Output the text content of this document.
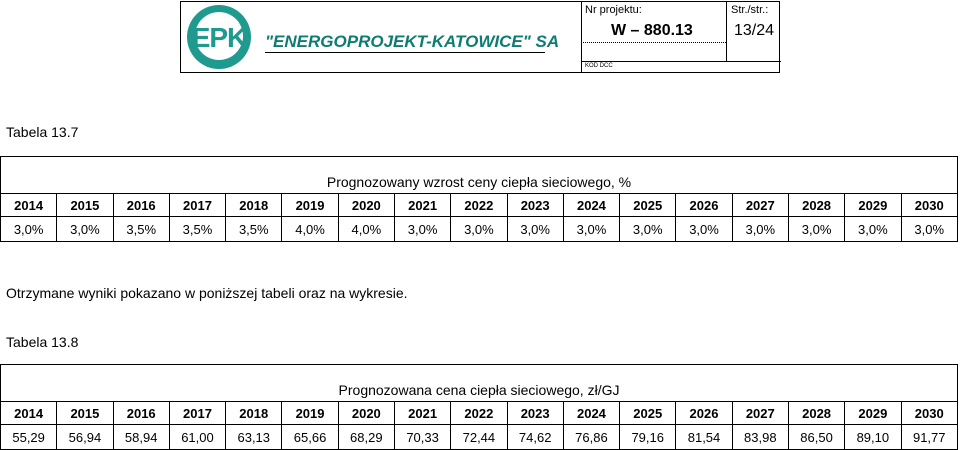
EPK "ENERGOPROJEKT-KATOWICE" SA
Nr projektu:	Str./str.:
W – 880.13	13/24
KOD DCC
Tabela 13.7
Prognozowany wzrost ceny ciepła sieciowego, %																
2014	2015	2016	2017	2018	2019	2020	2021	2022	2023	2024	2025	2026	2027	2028	2029	2030
3,0%	3,0%	3,5%	3,5%	3,5%	4,0%	4,0%	3,0%	3,0%	3,0%	3,0%	3,0%	3,0%	3,0%	3,0%	3,0%	3,0%
Otrzymane wyniki pokazano w poniższej tabeli oraz na wykresie.
Tabela 13.8
Prognozowana cena ciepła sieciowego, zł/GJ																
2014	2015	2016	2017	2018	2019	2020	2021	2022	2023	2024	2025	2026	2027	2028	2029	2030
55,29	56,94	58,94	61,00	63,13	65,66	68,29	70,33	72,44	74,62	76,86	79,16	81,54	83,98	86,50	89,10	91,77
